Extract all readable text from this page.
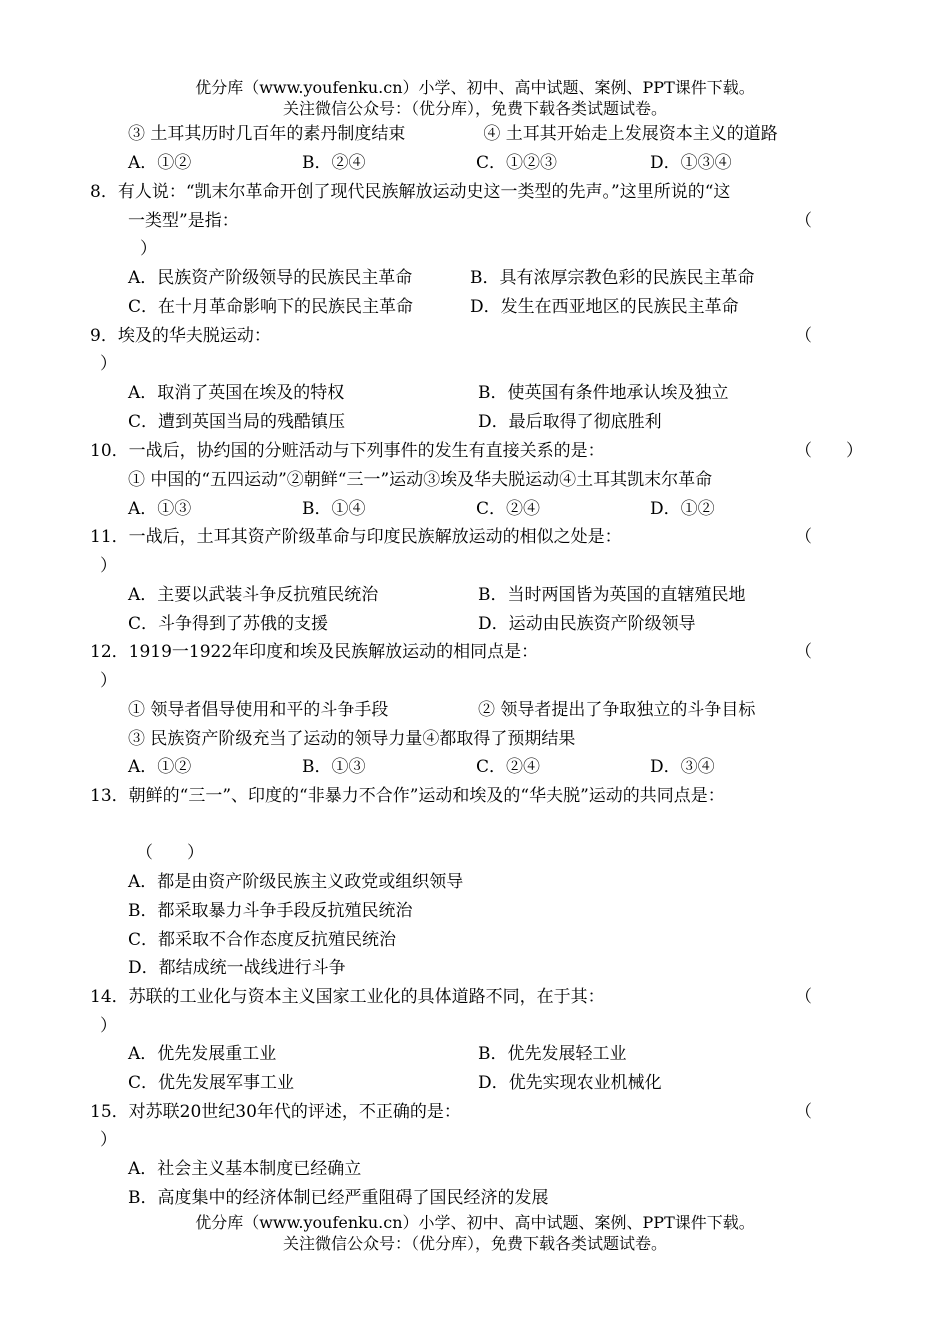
优分库（www.youfenku.cn）小学、初中、高中试题、案例、PPT课件下载。
关注微信公众号：（优分库），免费下载各类试题试卷。
③ 土耳其历时几百年的素丹制度结束	④ 土耳其开始走上发展资本主义的道路
A．①②	B．②④	C．①②③	D．①③④
8．有人说：“凯末尔革命开创了现代民族解放运动史这一类型的先声。”这里所说的“这
一类型”是指：	（
）
A．民族资产阶级领导的民族民主革命	B．具有浓厚宗教色彩的民族民主革命
C．在十月革命影响下的民族民主革命	D．发生在西亚地区的民族民主革命
9．埃及的华夫脱运动：	（
）
A．取消了英国在埃及的特权	B．使英国有条件地承认埃及独立
C．遭到英国当局的残酷镇压	D．最后取得了彻底胜利
10．一战后，协约国的分赃活动与下列事件的发生有直接关系的是：	（　　）
① 中国的“五四运动”②朝鲜“三一”运动③埃及华夫脱运动④土耳其凯末尔革命
A．①③	B．①④	C．②④	D．①②
11．一战后，土耳其资产阶级革命与印度民族解放运动的相似之处是：	（
）
A．主要以武装斗争反抗殖民统治	B．当时两国皆为英国的直辖殖民地
C．斗争得到了苏俄的支援	D．运动由民族资产阶级领导
12．1919一1922年印度和埃及民族解放运动的相同点是：	（
）
① 领导者倡导使用和平的斗争手段	② 领导者提出了争取独立的斗争目标
③ 民族资产阶级充当了运动的领导力量④都取得了预期结果
A．①②	B．①③	C．②④	D．③④
13．朝鲜的“三一”、印度的“非暴力不合作”运动和埃及的“华夫脱”运动的共同点是：
（　　）
A．都是由资产阶级民族主义政党或组织领导
B．都采取暴力斗争手段反抗殖民统治
C．都采取不合作态度反抗殖民统治
D．都结成统一战线进行斗争
14．苏联的工业化与资本主义国家工业化的具体道路不同，在于其：	（
）
A．优先发展重工业	B．优先发展轻工业
C．优先发展军事工业	D．优先实现农业机械化
15．对苏联20世纪30年代的评述，不正确的是：	（
）
A．社会主义基本制度已经确立
B．高度集中的经济体制已经严重阻碍了国民经济的发展
优分库（www.youfenku.cn）小学、初中、高中试题、案例、PPT课件下载。
关注微信公众号：（优分库），免费下载各类试题试卷。
